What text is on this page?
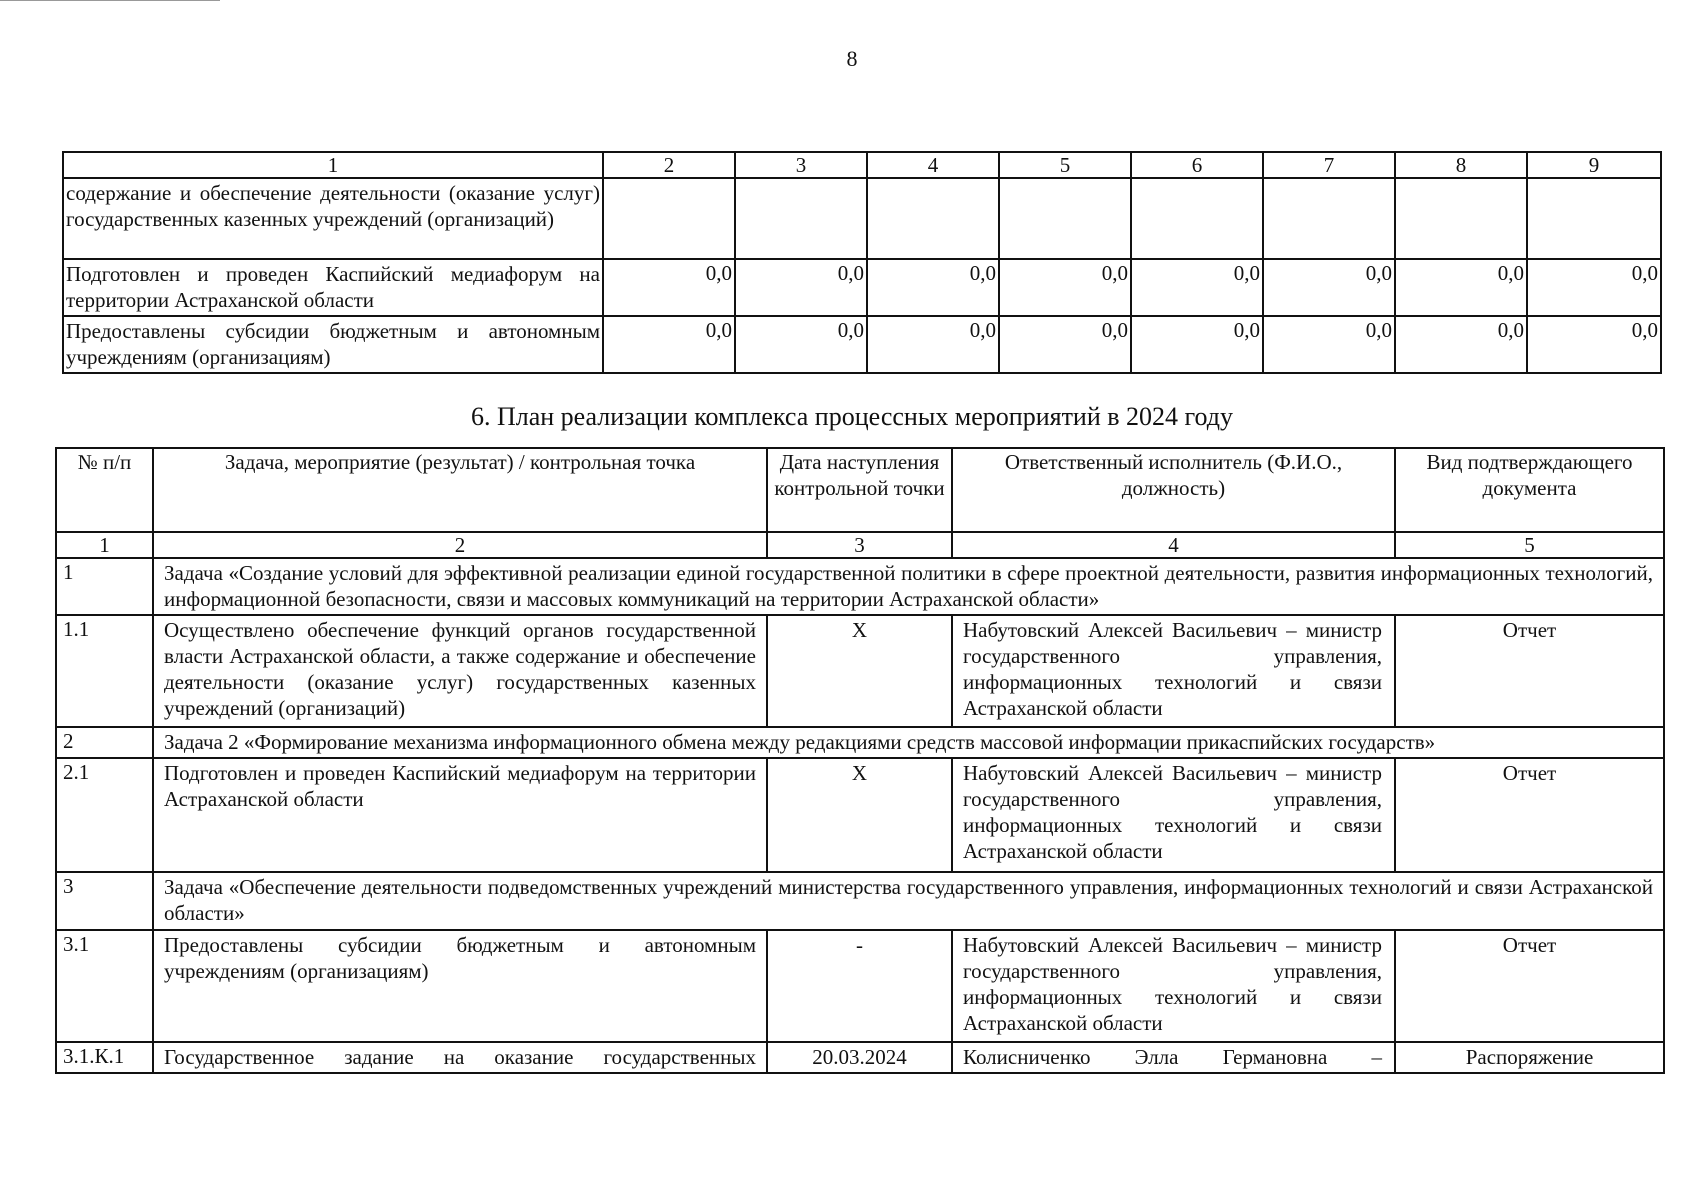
8
1	2	3	4	5	6	7	8	9
содержание и обеспечение деятельности (оказание услуг) государственных казенных учреждений (организаций)								
Подготовлен и проведен Каспийский медиафорум на территории Астраханской области	0,0	0,0	0,0	0,0	0,0	0,0	0,0	0,0
Предоставлены субсидии бюджетным и автономным учреждениям (организациям)	0,0	0,0	0,0	0,0	0,0	0,0	0,0	0,0
6. План реализации комплекса процессных мероприятий в 2024 году
№ п/п	Задача, мероприятие (результат) / контрольная точка	Дата наступления контрольной точки	Ответственный исполнитель (Ф.И.О., должность)	Вид подтверждающего документа
1	2	3	4	5
1	Задача «Создание условий для эффективной реализации единой государственной политики в сфере проектной деятельности, развития информационных технологий, информационной безопасности, связи и массовых коммуникаций на территории Астраханской области»			
1.1	Осуществлено обеспечение функций органов государственной власти Астраханской области, а также содержание и обеспечение деятельности (оказание услуг) государственных казенных учреждений (организаций)	X	Набутовский Алексей Васильевич – министр государственного управления, информационных технологий и связи Астраханской области	Отчет
2	Задача 2 «Формирование механизма информационного обмена между редакциями средств массовой информации прикаспийских государств»			
2.1	Подготовлен и проведен Каспийский медиафорум на территории Астраханской области	X	Набутовский Алексей Васильевич – министр государственного управления, информационных технологий и связи Астраханской области	Отчет
3	Задача «Обеспечение деятельности подведомственных учреждений министерства государственного управления, информационных технологий и связи Астраханской области»			
3.1	Предоставлены субсидии бюджетным и автономным учреждениям (организациям)	-	Набутовский Алексей Васильевич – министр государственного управления, информационных технологий и связи Астраханской области	Отчет
3.1.К.1	Государственное задание на оказание государственных	20.03.2024	Колисниченко Элла Германовна –	Распоряжение
